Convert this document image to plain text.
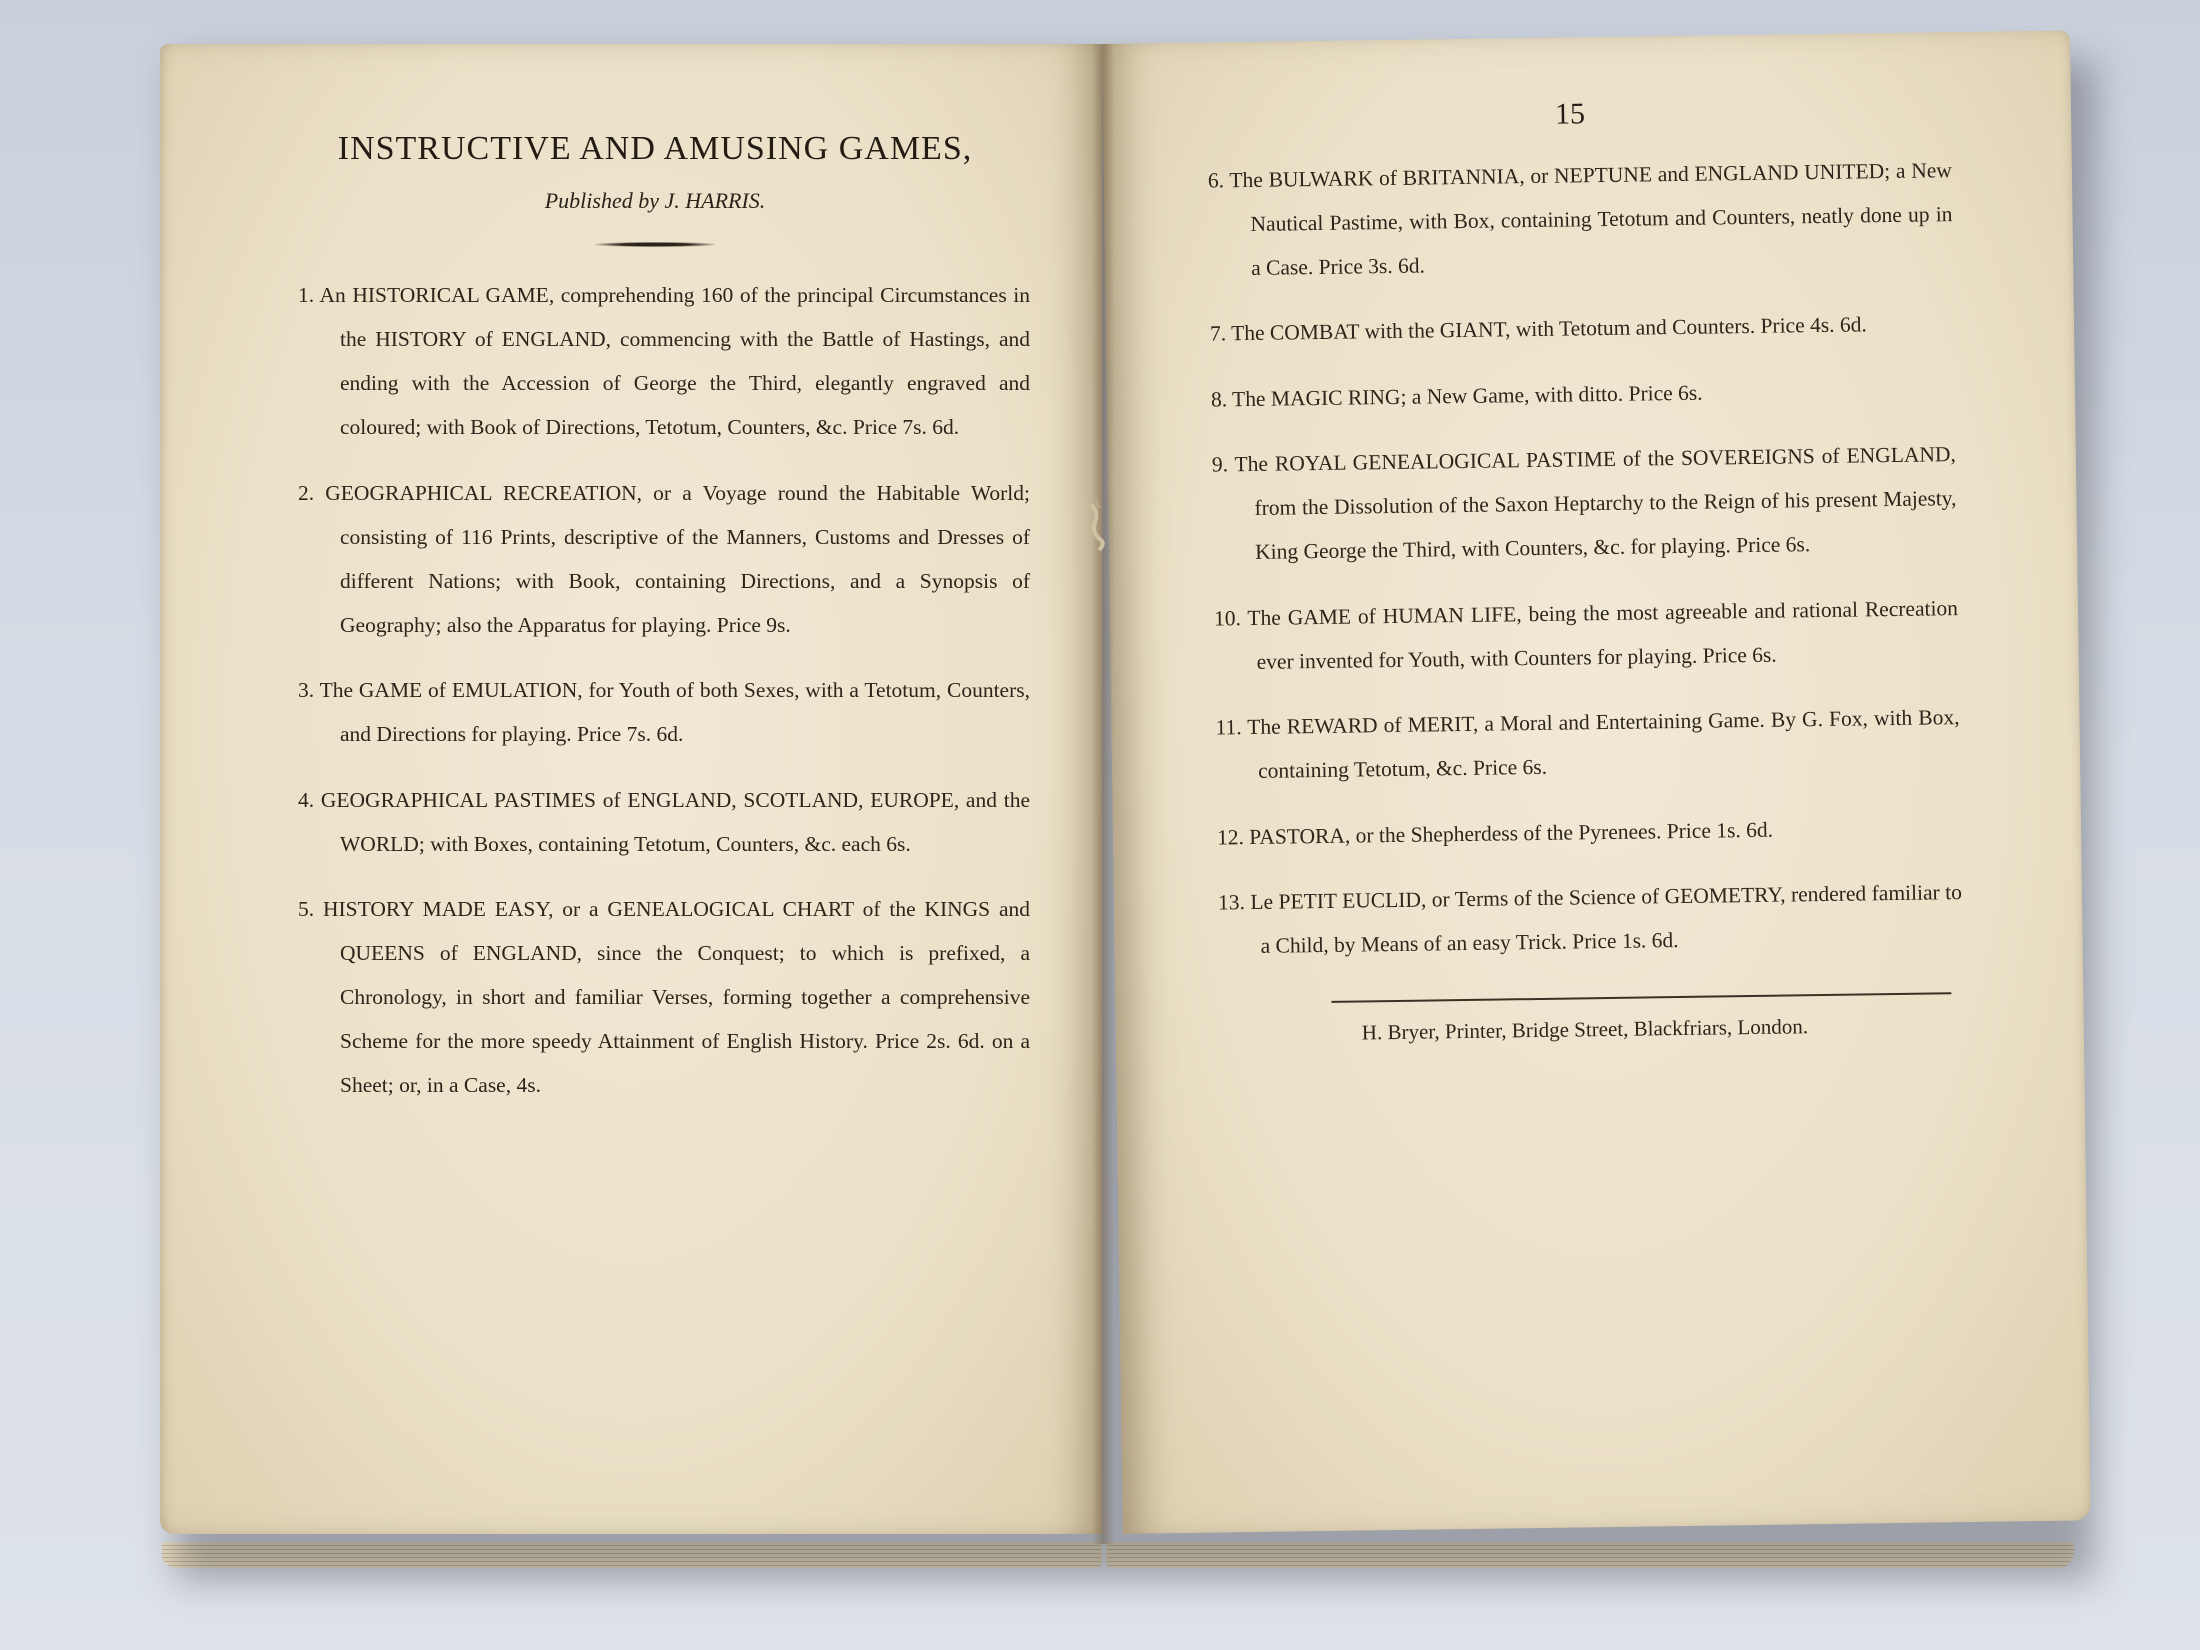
INSTRUCTIVE AND AMUSING GAMES,

Published by J. HARRIS.

1. An HISTORICAL GAME, comprehending 160 of the principal Circumstances in the HISTORY of ENGLAND, commencing with the Battle of Hastings, and ending with the Accession of George the Third, elegantly engraved and coloured; with Book of Directions, Tetotum, Counters, &c. Price 7s. 6d.

2. GEOGRAPHICAL RECREATION, or a Voyage round the Habitable World; consisting of 116 Prints, descriptive of the Manners, Customs and Dresses of different Nations; with Book, containing Directions, and a Synopsis of Geography; also the Apparatus for playing. Price 9s.

3. The GAME of EMULATION, for Youth of both Sexes, with a Tetotum, Counters, and Directions for playing. Price 7s. 6d.

4. GEOGRAPHICAL PASTIMES of ENGLAND, SCOTLAND, EUROPE, and the WORLD; with Boxes, containing Tetotum, Counters, &c. each 6s.

5. HISTORY MADE EASY, or a GENEALOGICAL CHART of the KINGS and QUEENS of ENGLAND, since the Conquest; to which is prefixed, a Chronology, in short and familiar Verses, forming together a comprehensive Scheme for the more speedy Attainment of English History. Price 2s. 6d. on a Sheet; or, in a Case, 4s.

15

6. The BULWARK of BRITANNIA, or NEPTUNE and ENGLAND UNITED; a New Nautical Pastime, with Box, containing Tetotum and Counters, neatly done up in a Case. Price 3s. 6d.

7. The COMBAT with the GIANT, with Tetotum and Counters. Price 4s. 6d.

8. The MAGIC RING; a New Game, with ditto. Price 6s.

9. The ROYAL GENEALOGICAL PASTIME of the SOVEREIGNS of ENGLAND, from the Dissolution of the Saxon Heptarchy to the Reign of his present Majesty, King George the Third, with Counters, &c. for playing. Price 6s.

10. The GAME of HUMAN LIFE, being the most agreeable and rational Recreation ever invented for Youth, with Counters for playing. Price 6s.

11. The REWARD of MERIT, a Moral and Entertaining Game. By G. Fox, with Box, containing Tetotum, &c. Price 6s.

12. PASTORA, or the Shepherdess of the Pyrenees. Price 1s. 6d.

13. Le PETIT EUCLID, or Terms of the Science of GEOMETRY, rendered familiar to a Child, by Means of an easy Trick. Price 1s. 6d.

H. Bryer, Printer, Bridge Street, Blackfriars, London.
